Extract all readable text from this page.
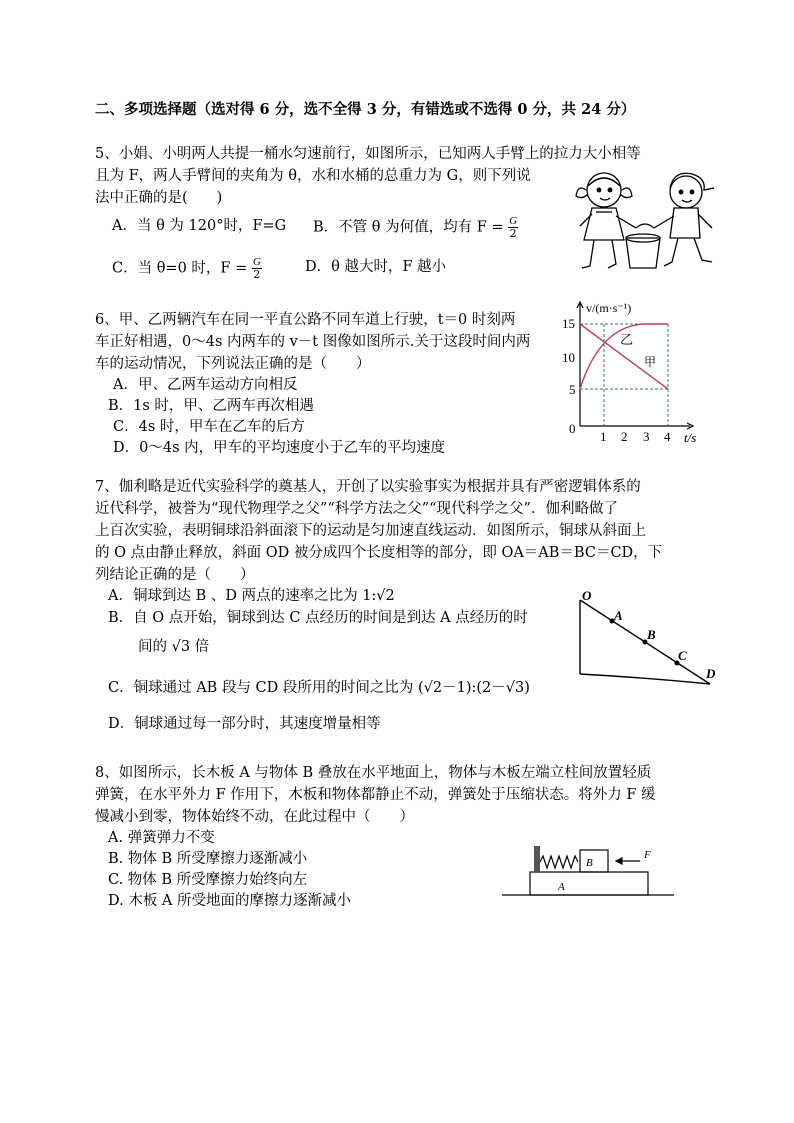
二、多项选择题（选对得 6 分，选不全得 3 分，有错选或不选得 0 分，共 24 分）
5、小娟、小明两人共提一桶水匀速前行，如图所示，已知两人手臂上的拉力大小相等
且为 F，两人手臂间的夹角为 θ，水和水桶的总重力为 G，则下列说
法中正确的是(　　)
A．当 θ 为 120°时，F=G B．不管 θ 为何值，均有 $F = \frac{G}{2}$
C．当 θ=0 时，$F = \frac{G}{2}$	D．θ 越大时，F 越小
6、甲、乙两辆汽车在同一平直公路不同车道上行驶，t＝0 时刻两
车正好相遇，0～4s 内两车的 v－t 图像如图所示.关于这段时间内两
车的运动情况，下列说法正确的是（　　）
A．甲、乙两车运动方向相反
B．1s 时，甲、乙两车再次相遇
C．4s 时，甲车在乙车的后方
D．0～4s 内，甲车的平均速度小于乙车的平均速度
15
10
5
0
1 2 3 4 t/s
v/(m·s⁻¹)
乙
甲
7、伽利略是近代实验科学的奠基人，开创了以实验事实为根据并具有严密逻辑体系的
近代科学，被誉为“现代物理学之父”“科学方法之父”“现代科学之父”．伽利略做了
上百次实验，表明铜球沿斜面滚下的运动是匀加速直线运动．如图所示，铜球从斜面上
的 O 点由静止释放，斜面 OD 被分成四个长度相等的部分，即 OA＝AB＝BC＝CD，下
列结论正确的是（　　）
A．铜球到达 B 、D 两点的速率之比为 1:√2
B．自 O 点开始，铜球到达 C 点经历的时间是到达 A 点经历的时
间的 √3 倍
C．铜球通过 AB 段与 CD 段所用的时间之比为 (√2－1):(2－√3)
D．铜球通过每一部分时，其速度增量相等
O
A
B
C
D
8、如图所示，长木板 A 与物体 B 叠放在水平地面上，物体与木板左端立柱间放置轻质
弹簧，在水平外力 F 作用下，木板和物体都静止不动，弹簧处于压缩状态。将外力 F 缓
慢减小到零，物体始终不动，在此过程中（　　）
A. 弹簧弹力不变
B. 物体 B 所受摩擦力逐渐减小
C. 物体 B 所受摩擦力始终向左
D. 木板 A 所受地面的摩擦力逐渐减小
B
A
F
